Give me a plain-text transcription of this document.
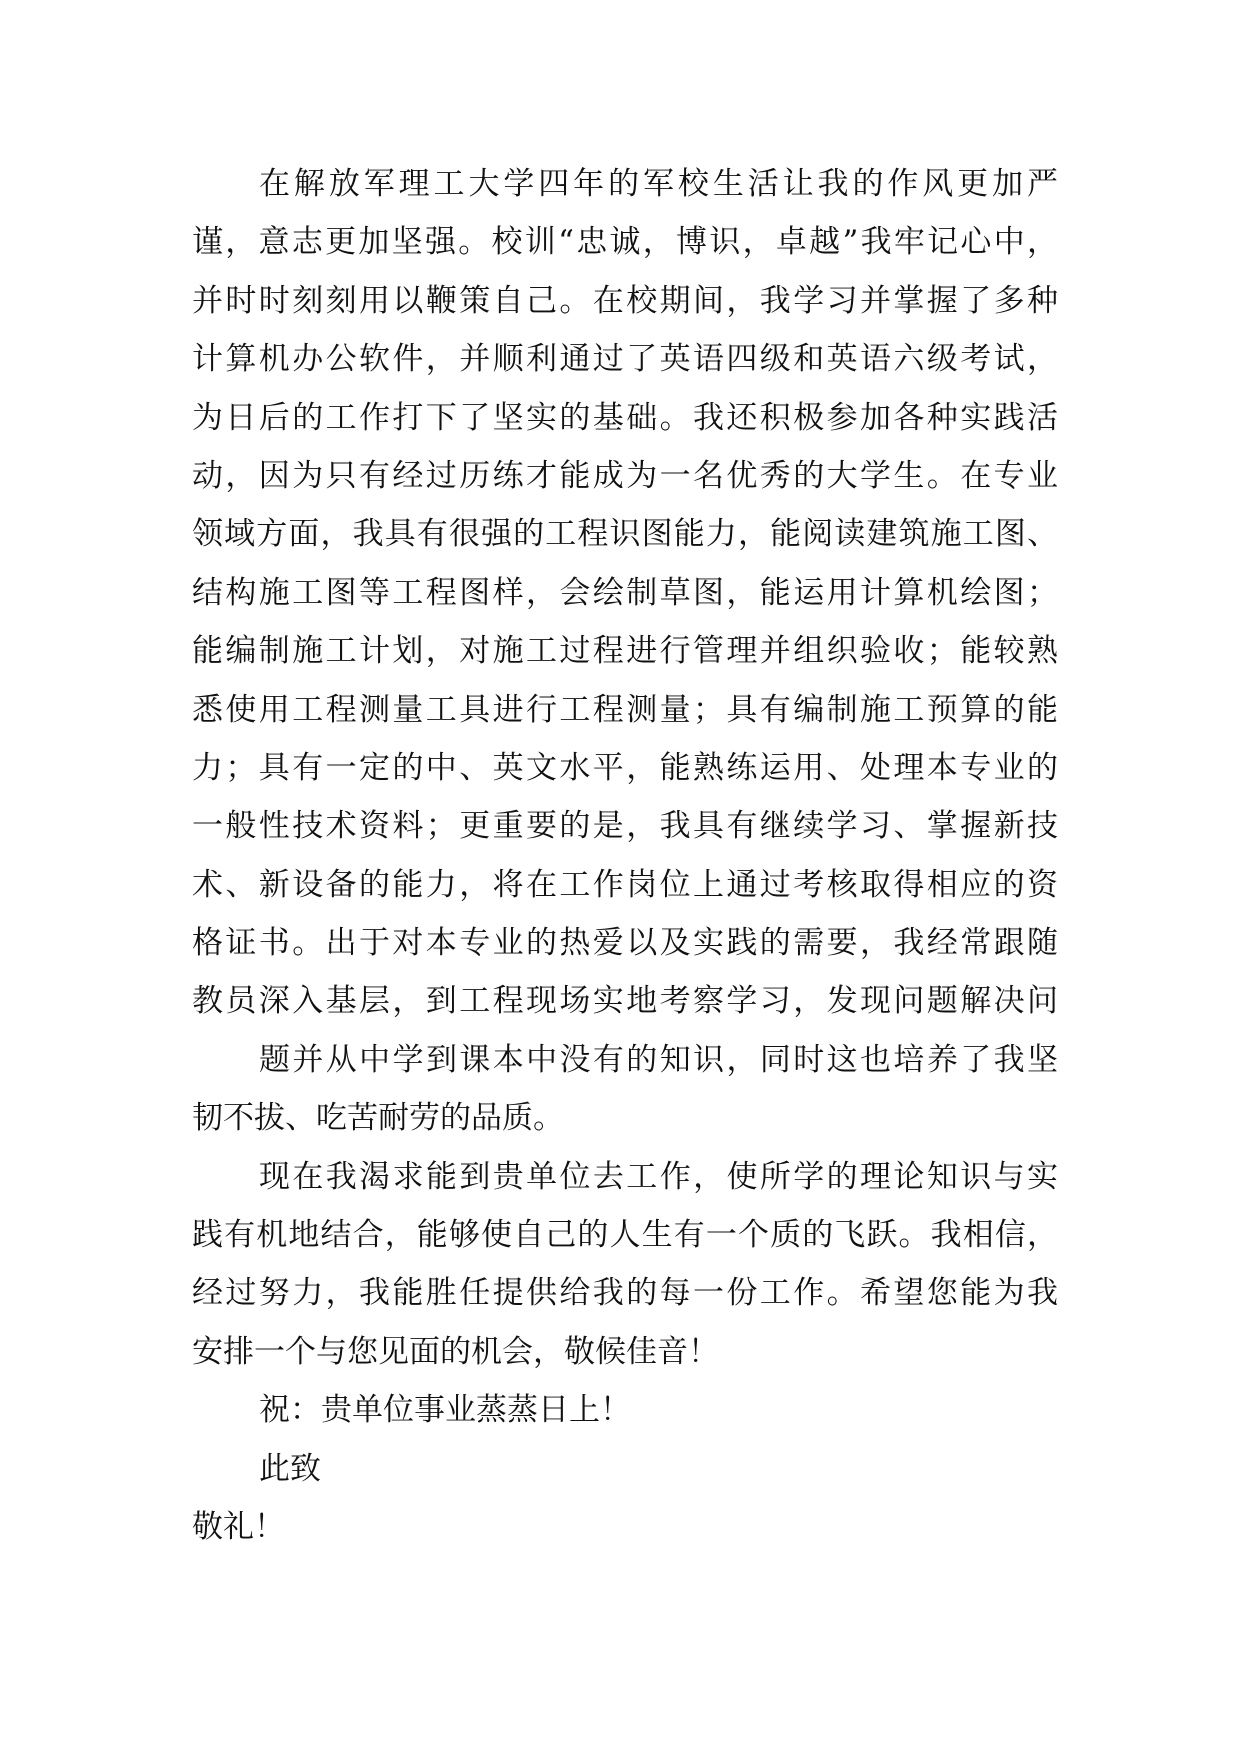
在解放军理工大学四年的军校生活让我的作风更加严
谨，意志更加坚强。校训“忠诚，博识，卓越”我牢记心中，
并时时刻刻用以鞭策自己。在校期间，我学习并掌握了多种
计算机办公软件，并顺利通过了英语四级和英语六级考试，
为日后的工作打下了坚实的基础。我还积极参加各种实践活
动，因为只有经过历练才能成为一名优秀的大学生。在专业
领域方面，我具有很强的工程识图能力，能阅读建筑施工图、
结构施工图等工程图样，会绘制草图，能运用计算机绘图；
能编制施工计划，对施工过程进行管理并组织验收；能较熟
悉使用工程测量工具进行工程测量；具有编制施工预算的能
力；具有一定的中、英文水平，能熟练运用、处理本专业的
一般性技术资料；更重要的是，我具有继续学习、掌握新技
术、新设备的能力，将在工作岗位上通过考核取得相应的资
格证书。出于对本专业的热爱以及实践的需要，我经常跟随
教员深入基层，到工程现场实地考察学习，发现问题解决问
题并从中学到课本中没有的知识，同时这也培养了我坚
韧不拔、吃苦耐劳的品质。
现在我渴求能到贵单位去工作，使所学的理论知识与实
践有机地结合，能够使自己的人生有一个质的飞跃。我相信，
经过努力，我能胜任提供给我的每一份工作。希望您能为我
安排一个与您见面的机会，敬候佳音！
祝：贵单位事业蒸蒸日上！
此致
敬礼！
